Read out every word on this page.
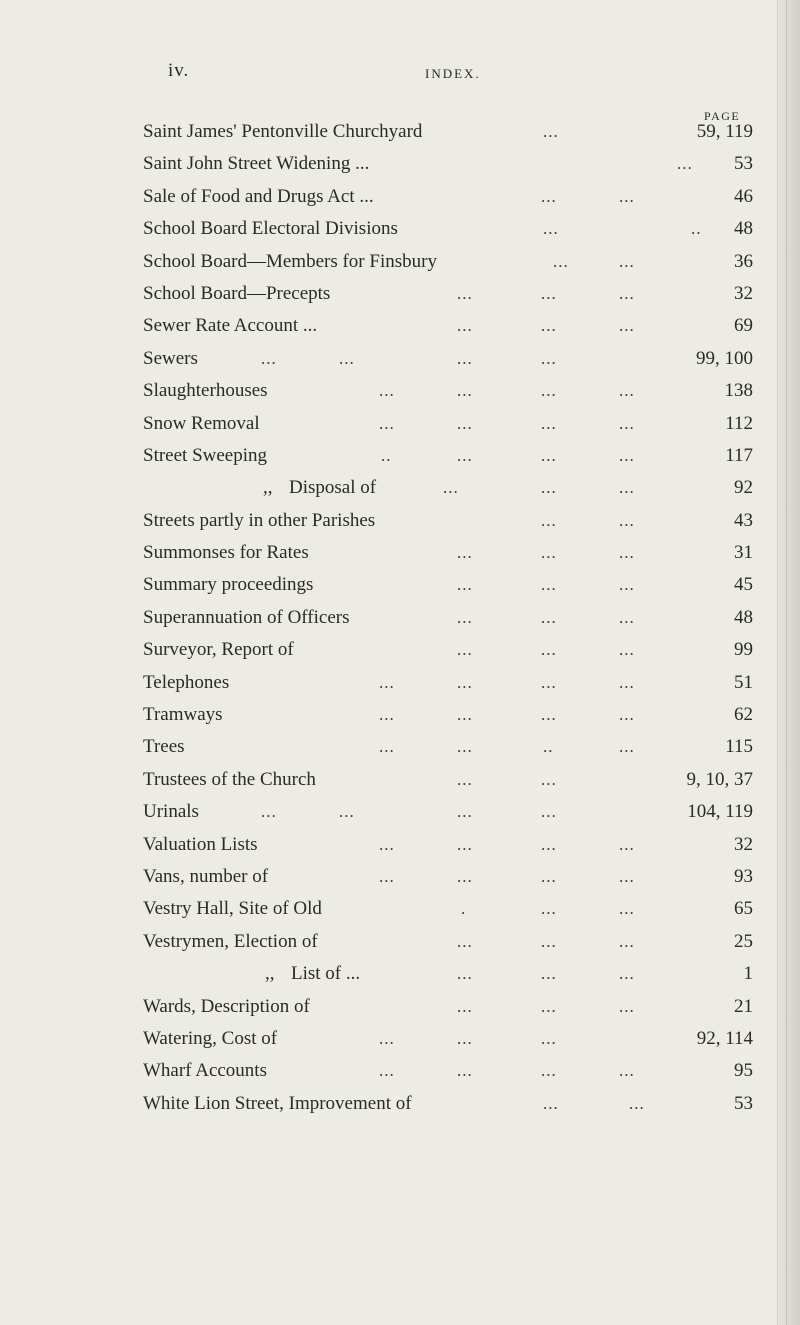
iv.	INDEX.
PAGE
Saint James' Pentonville Churchyard	...	59, 119
Saint John Street Widening ...	... 53
Sale of Food and Drugs Act ...	...	...	46
School Board Electoral Divisions	...	.. 48
School Board—Members for Finsbury	...	...	36
School Board—Precepts	...	...	...	32
Sewer Rate Account ...	...	...	...	69
Sewers	...	...	...	...	99, 100
Slaughterhouses	...	...	...	...	138
Snow Removal	...	...	...	...	112
Street Sweeping	..	...	...	...	117
,, Disposal of	...	...	...	92
Streets partly in other Parishes	...	...	43
Summonses for Rates	...	...	...	31
Summary proceedings	...	...	...	45
Superannuation of Officers	...	...	...	48
Surveyor, Report of	...	...	...	99
Telephones	...	...	...	...	51
Tramways	...	...	...	...	62
Trees	...	...	..	...	115
Trustees of the Church	...	...	9, 10, 37
Urinals	...	...	...	...	104, 119
Valuation Lists	...	...	...	...	32
Vans, number of	...	...	...	...	93
Vestry Hall, Site of Old	.	...	...	65
Vestrymen, Election of	...	...	...	25
,, List of ...	...	...	...	1
Wards, Description of	...	...	...	21
Watering, Cost of	...	...	...	92, 114
Wharf Accounts	...	...	...	...	95
White Lion Street, Improvement of	...	...	53
